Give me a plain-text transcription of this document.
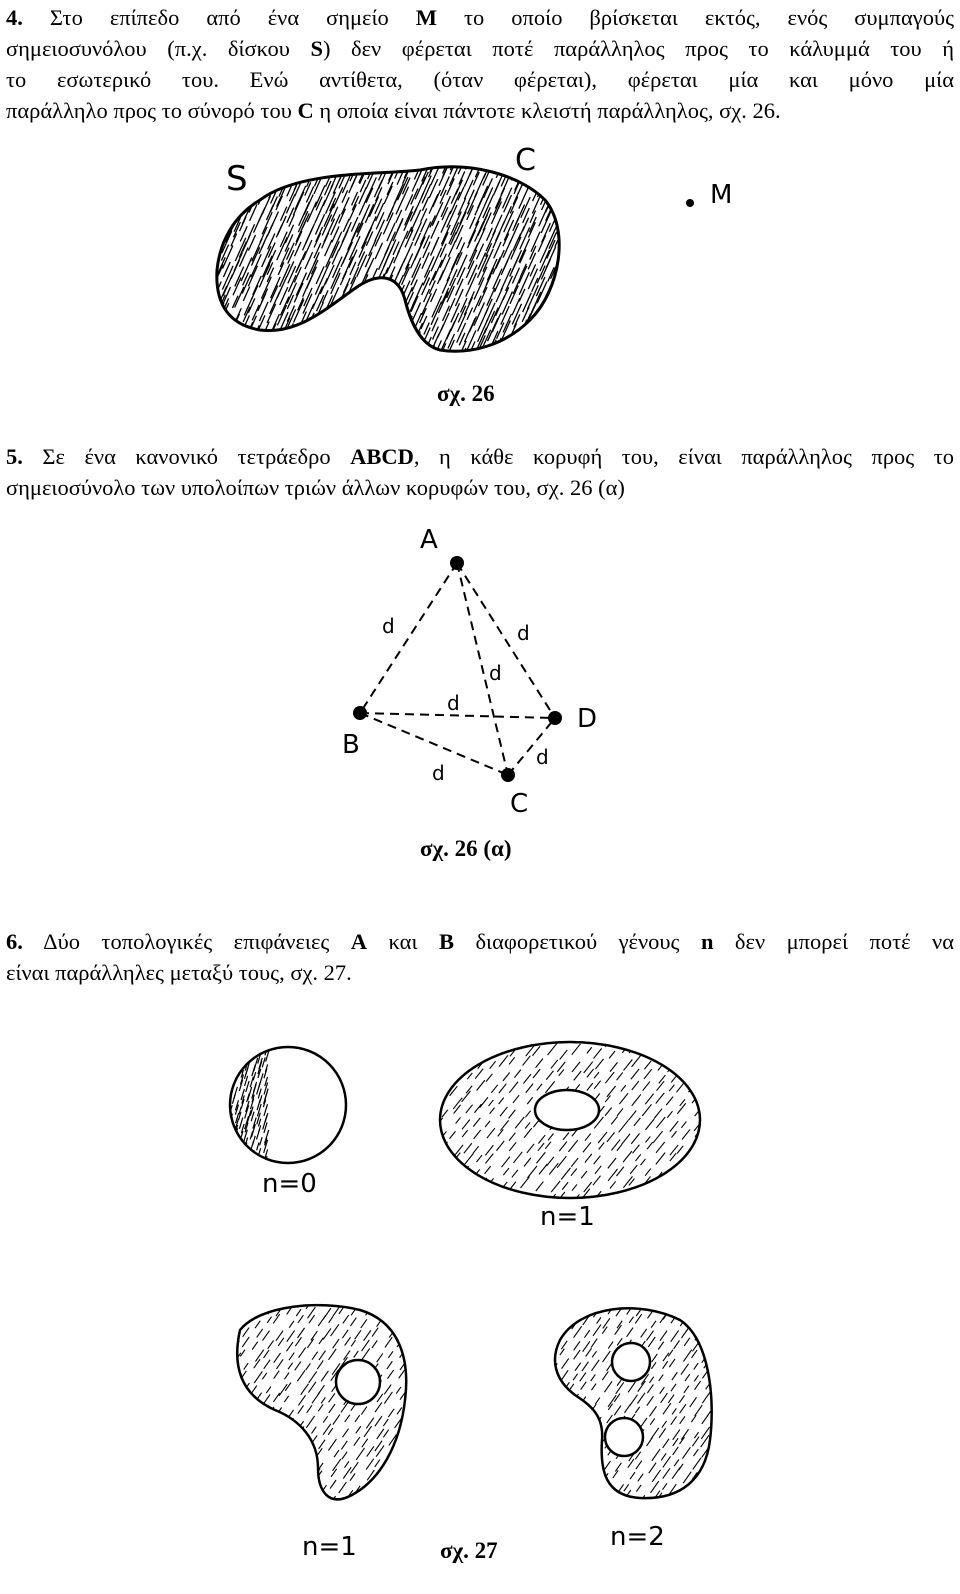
4. Στο επίπεδο από ένα σημείο M το οποίο βρίσκεται εκτός, ενός συμπαγούς
σημειοσυνόλου (π.χ. δίσκου S) δεν φέρεται ποτέ παράλληλος προς το κάλυμμά του ή
το εσωτερικό του. Ενώ αντίθετα, (όταν φέρεται), φέρεται μία και μόνο μία
παράλληλο προς το σύνορό του C η οποία είναι πάντοτε κλειστή παράλληλος, σχ. 26.
S	C
M
σχ. 26
5. Σε ένα κανονικό τετράεδρο ABCD, η κάθε κορυφή του, είναι παράλληλος προς το
σημειοσύνολο των υπολοίπων τριών άλλων κορυφών του, σχ. 26 (α)
A
B
C
D
d	d
d
d
d
d
σχ. 26 (α)
6. Δύο τοπολογικές επιφάνειες A και B διαφορετικού γένους n δεν μπορεί ποτέ να
είναι παράλληλες μεταξύ τους, σχ. 27.
n=0
n=1
n=1	n=2
σχ. 27
